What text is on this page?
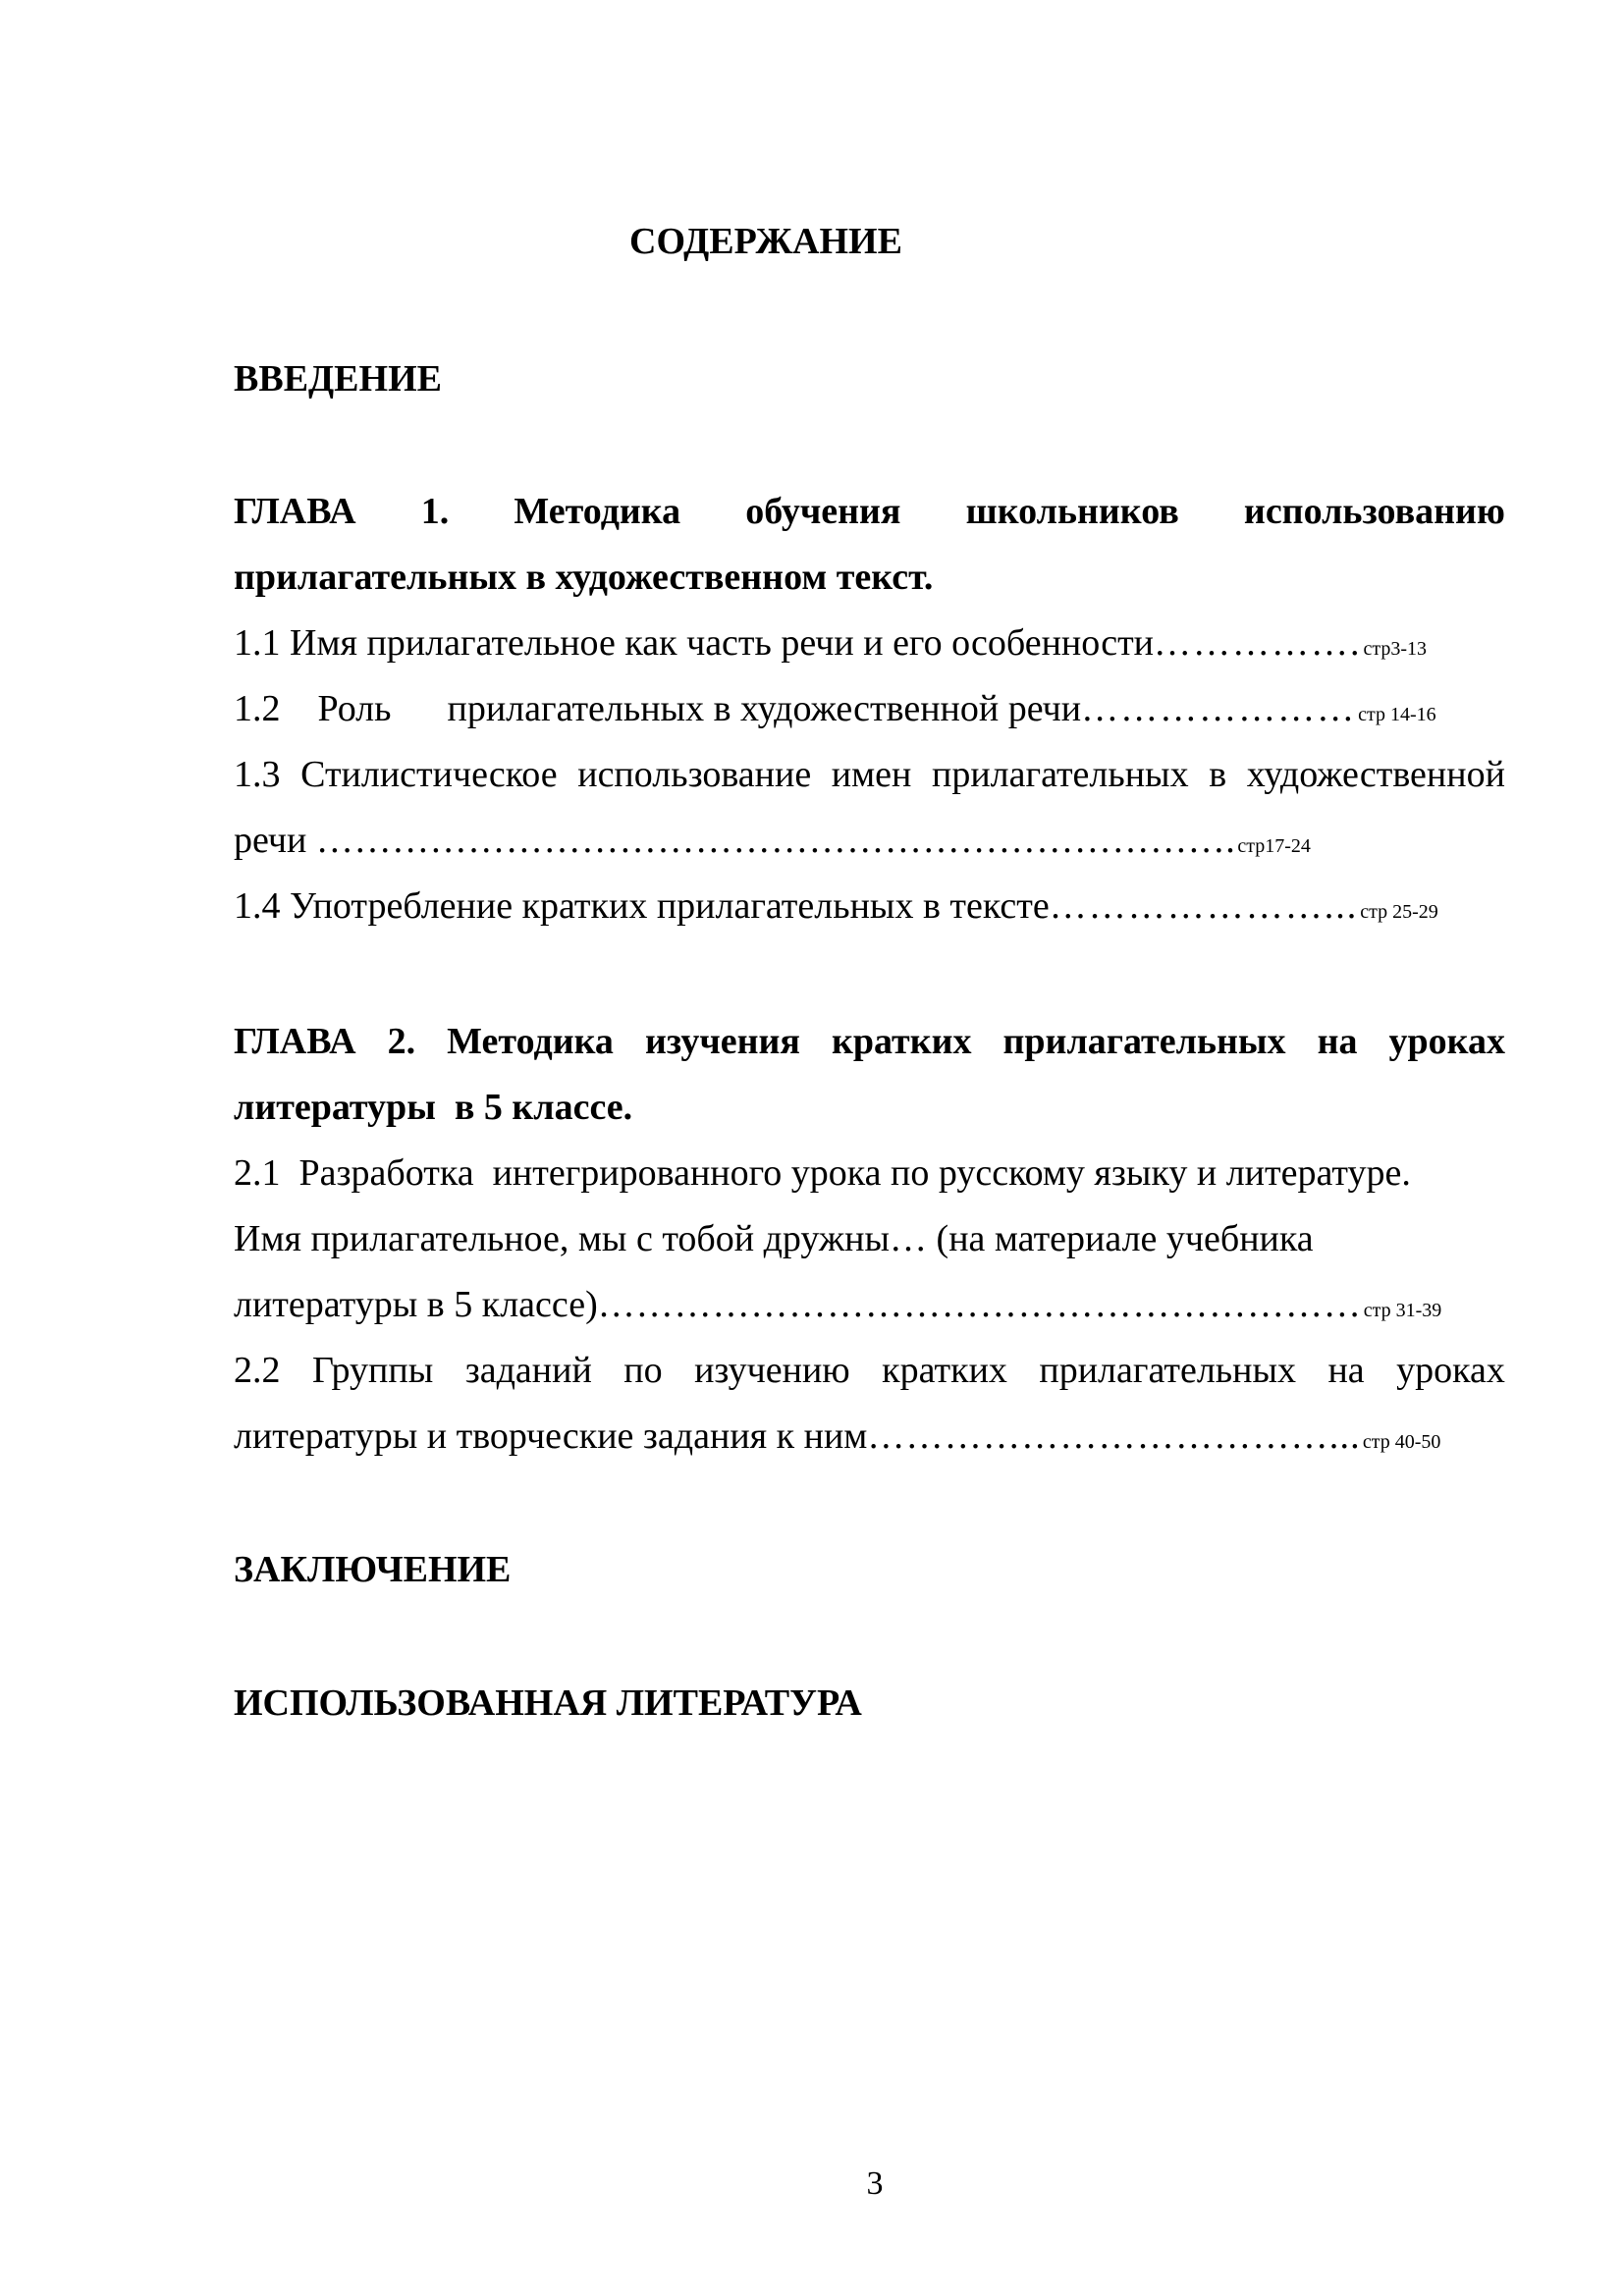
СОДЕРЖАНИЕ
ВВЕДЕНИЕ
ГЛАВА 1. Методика обучения школьников использованию
прилагательных в художественном текст.
1.1 Имя прилагательное как часть речи и его особенности ……………. стр3-13
1.2    Роль      прилагательных в художественной речи ………………… стр 14-16
1.3 Стилистическое использование имен прилагательных в художественной
речи ………………………………………………………………. стр17-24
1.4 Употребление кратких прилагательных в тексте …………………... стр 25-29
ГЛАВА 2. Методика изучения кратких прилагательных на уроках
литературы  в 5 классе.
2.1  Разработка  интегрированного урока по русскому языку и литературе.
Имя прилагательное, мы с тобой дружны… (на материале учебника
литературы в 5 классе) …………………………………………………… стр 31-39
2.2 Группы заданий по изучению кратких прилагательных на уроках
литературы и творческие задания к ним ………………………………... стр 40-50
ЗАКЛЮЧЕНИЕ
ИСПОЛЬЗОВАННАЯ ЛИТЕРАТУРА
3
